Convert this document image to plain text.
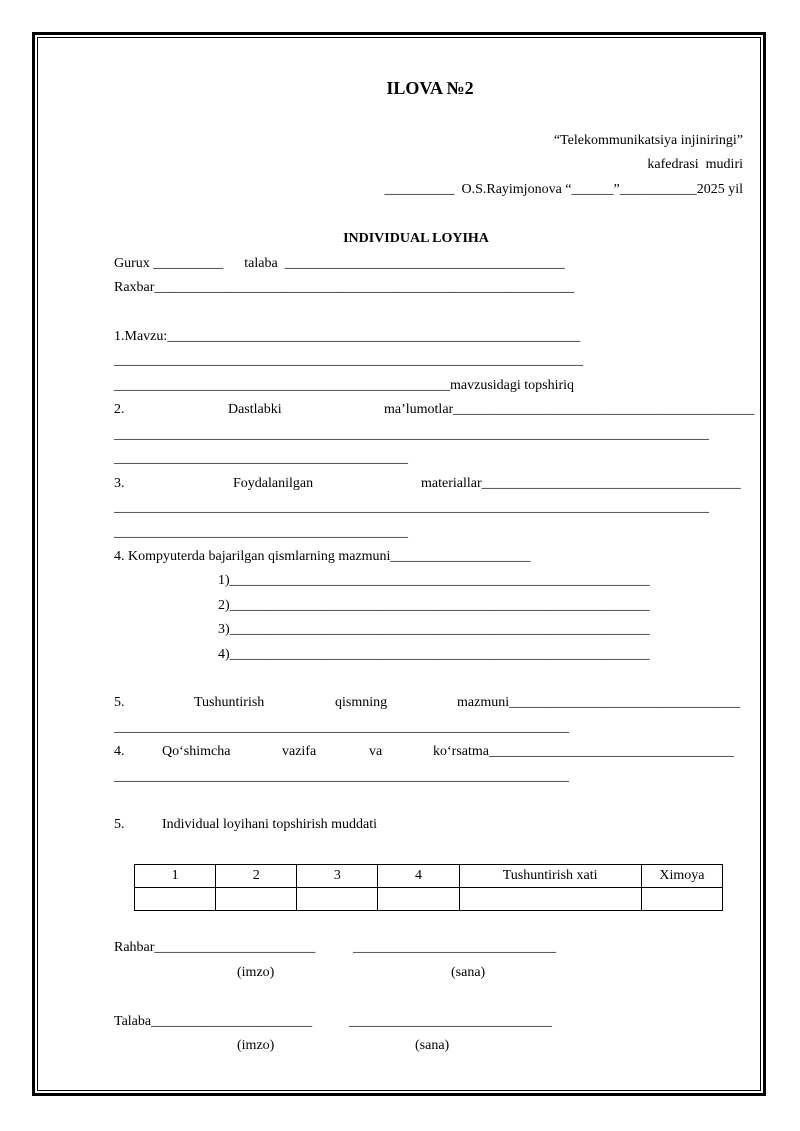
ILOVA №2
“Telekommunikatsiya injiniringi”
kafedrasi  mudiri
__________  O.S.Rayimjonova “______”___________2025 yil
INDIVIDUAL LOYIHA
Gurux __________      talaba  ________________________________________
Raxbar____________________________________________________________
1.Mavzu:___________________________________________________________
___________________________________________________________________
________________________________________________mavzusidagi topshiriq
2.	Dastlabki	ma’lumotlar___________________________________________
_____________________________________________________________________________________
__________________________________________
3.	Foydalanilgan	materiallar_____________________________________
_____________________________________________________________________________________
__________________________________________
4. Kompyuterda bajarilgan qismlarning mazmuni____________________
1)____________________________________________________________
2)____________________________________________________________
3)____________________________________________________________
4)____________________________________________________________
5.	Tushuntirish	qismning	mazmuni_________________________________
_________________________________________________________________
4.	Qo‘shimcha	vazifa	va	ko‘rsatma___________________________________
_________________________________________________________________
5.	Individual loyihani topshirish muddati
1	2	3	4	Tushuntirish xati	Ximoya

Rahbar_______________________	_____________________________
(imzo)	(sana)
Talaba_______________________	_____________________________
(imzo)	(sana)
